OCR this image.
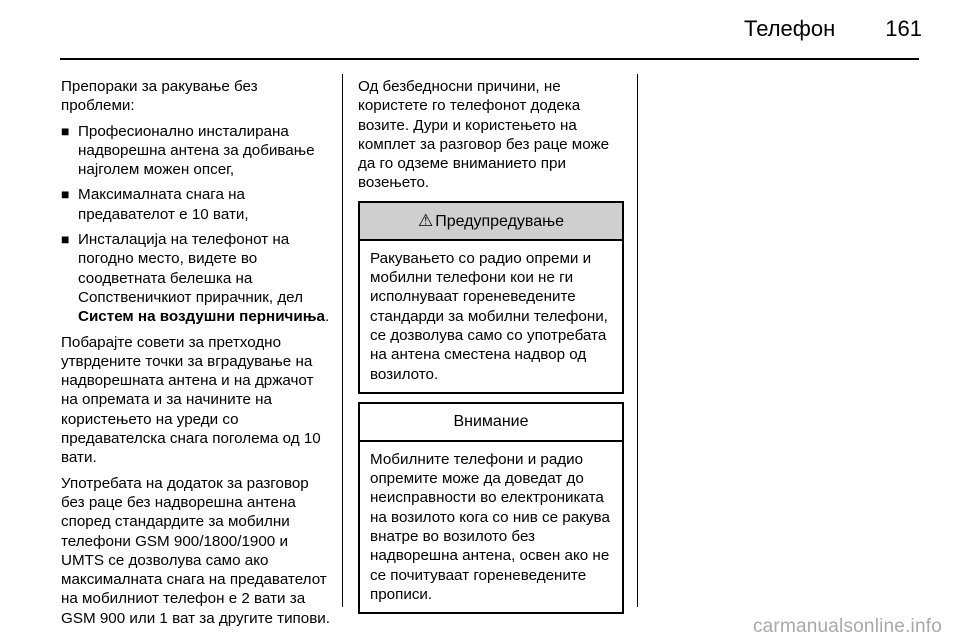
Телефон 161

Препораки за ракување без проблеми:

■ Професионално инсталирана надворешна антена за добивање најголем можен опсег,
■ Максималната снага на предавателот е 10 вати,
■ Инсталација на телефонот на погодно место, видете во соодветната белешка на Сопственичкиот прирачник, дел Систем на воздушни перничиња.

Побарајте совети за претходно утврдените точки за вградување на надворешната антена и на држачот на опремата и за начините на користењето на уреди со предавателска снага поголема од 10 вати.

Употребата на додаток за разговор без раце без надворешна антена според стандардите за мобилни телефони GSM 900/1800/1900 и UMTS се дозволува само ако максималната снага на предавателот на мобилниот телефон е 2 вати за GSM 900 или 1 ват за другите типови.

Од безбедносни причини, не користете го телефонот додека возите. Дури и користењето на комплет за разговор без раце може да го одземе вниманието при возењето.

⚠ Предупредување
Ракувањето со радио опреми и мобилни телефони кои не ги исполнуваат гореневедените стандарди за мобилни телефони, се дозволува само со употребата на антена сместена надвор од возилото.
Внимание
Мобилните телефони и радио опремите може да доведат до неисправности во електрониката на возилото кога со нив се ракува внатре во возилото без надворешна антена, освен ако не се почитуваат гореневедените прописи.
carmanualsonline.info
